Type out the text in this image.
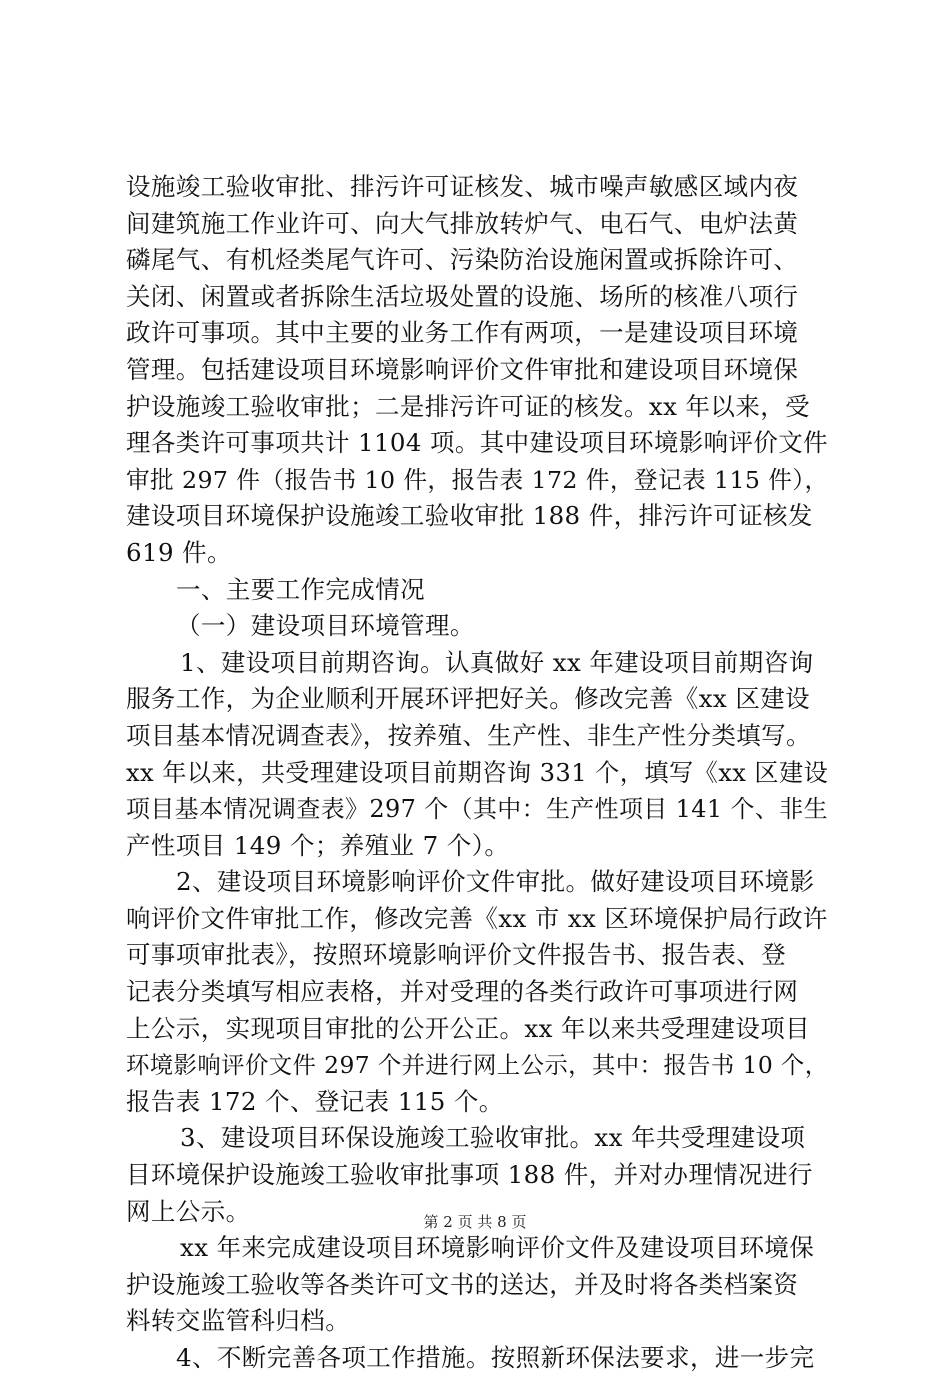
设施竣工验收审批、排污许可证核发、城市噪声敏感区域内夜
间建筑施工作业许可、向大气排放转炉气、电石气、电炉法黄
磷尾气、有机烃类尾气许可、污染防治设施闲置或拆除许可、
关闭、闲置或者拆除生活垃圾处置的设施、场所的核准八项行
政许可事项。其中主要的业务工作有两项，一是建设项目环境
管理。包括建设项目环境影响评价文件审批和建设项目环境保
护设施竣工验收审批；二是排污许可证的核发。xx 年以来，受
理各类许可事项共计 1104 项。其中建设项目环境影响评价文件
审批 297 件（报告书 10 件，报告表 172 件，登记表 115 件），
建设项目环境保护设施竣工验收审批 188 件，排污许可证核发
619 件。
一、主要工作完成情况
（一）建设项目环境管理。
1、建设项目前期咨询。认真做好 xx 年建设项目前期咨询
服务工作，为企业顺利开展环评把好关。修改完善《xx 区建设
项目基本情况调查表》，按养殖、生产性、非生产性分类填写。
xx 年以来，共受理建设项目前期咨询 331 个，填写《xx 区建设
项目基本情况调查表》297 个（其中：生产性项目 141 个、非生
产性项目 149 个；养殖业 7 个）。
2、建设项目环境影响评价文件审批。做好建设项目环境影
响评价文件审批工作，修改完善《xx 市 xx 区环境保护局行政许
可事项审批表》，按照环境影响评价文件报告书、报告表、登
记表分类填写相应表格，并对受理的各类行政许可事项进行网
上公示，实现项目审批的公开公正。xx 年以来共受理建设项目
环境影响评价文件 297 个并进行网上公示，其中：报告书 10 个，
报告表 172 个、登记表 115 个。
3、建设项目环保设施竣工验收审批。xx 年共受理建设项
目环境保护设施竣工验收审批事项 188 件，并对办理情况进行
网上公示。
xx 年来完成建设项目环境影响评价文件及建设项目环境保
护设施竣工验收等各类许可文书的送达，并及时将各类档案资
料转交监管科归档。
4、不断完善各项工作措施。按照新环保法要求，进一步完
第 2 页 共 8 页
